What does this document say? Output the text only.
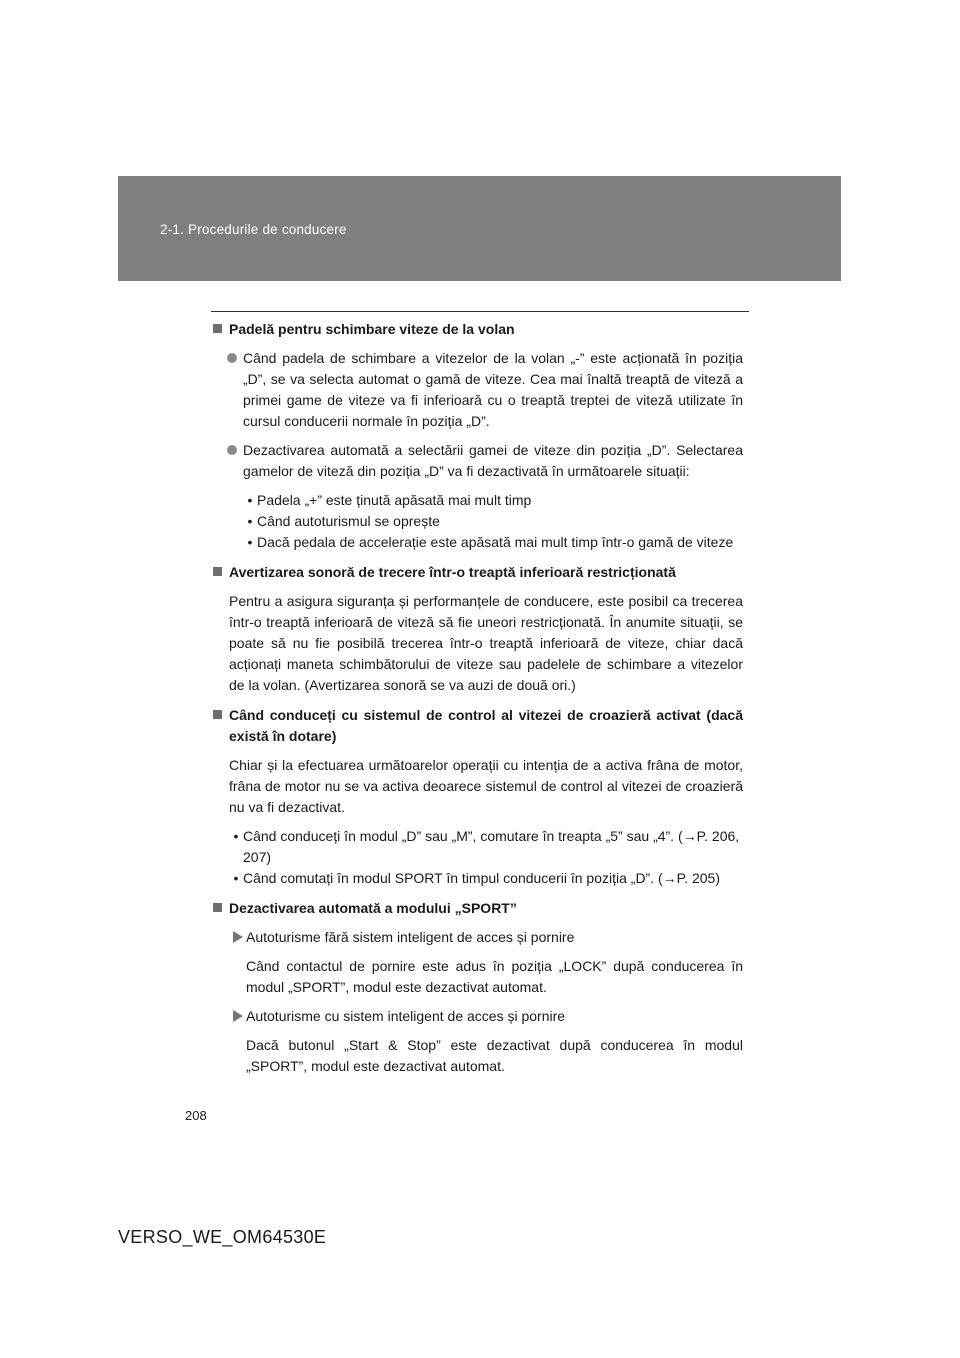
2-1. Procedurile de conducere
Padelă pentru schimbare viteze de la volan
Când padela de schimbare a vitezelor de la volan „-” este acționată în poziția „D”, se va selecta automat o gamă de viteze. Cea mai înaltă treaptă de viteză a primei game de viteze va fi inferioară cu o treaptă treptei de viteză utilizate în cursul conducerii normale în poziția „D”.
Dezactivarea automată a selectării gamei de viteze din poziția „D”. Selectarea gamelor de viteză din poziția „D” va fi dezactivată în următoarele situații:
• Padela „+” este ținută apăsată mai mult timp
• Când autoturismul se oprește
• Dacă pedala de accelerație este apăsată mai mult timp într-o gamă de viteze
Avertizarea sonoră de trecere într-o treaptă inferioară restricționată
Pentru a asigura siguranța și performanțele de conducere, este posibil ca trecerea într-o treaptă inferioară de viteză să fie uneori restricționată. În anumite situații, se poate să nu fie posibilă trecerea într-o treaptă inferioară de viteze, chiar dacă acționați maneta schimbătorului de viteze sau padelele de schimbare a vitezelor de la volan. (Avertizarea sonoră se va auzi de două ori.)
Când conduceți cu sistemul de control al vitezei de croazieră activat (dacă există în dotare)
Chiar și la efectuarea următoarelor operații cu intenția de a activa frâna de motor, frâna de motor nu se va activa deoarece sistemul de control al vitezei de croazieră nu va fi dezactivat.
• Când conduceți în modul „D” sau „M”, comutare în treapta „5” sau „4”. (→P. 206, 207)
• Când comutați în modul SPORT în timpul conducerii în poziția „D”. (→P. 205)
Dezactivarea automată a modului „SPORT”
Autoturisme fără sistem inteligent de acces și pornire
Când contactul de pornire este adus în poziția „LOCK” după conducerea în modul „SPORT”, modul este dezactivat automat.
Autoturisme cu sistem inteligent de acces și pornire
Dacă butonul „Start & Stop” este dezactivat după conducerea în modul „SPORT”, modul este dezactivat automat.
208
VERSO_WE_OM64530E
